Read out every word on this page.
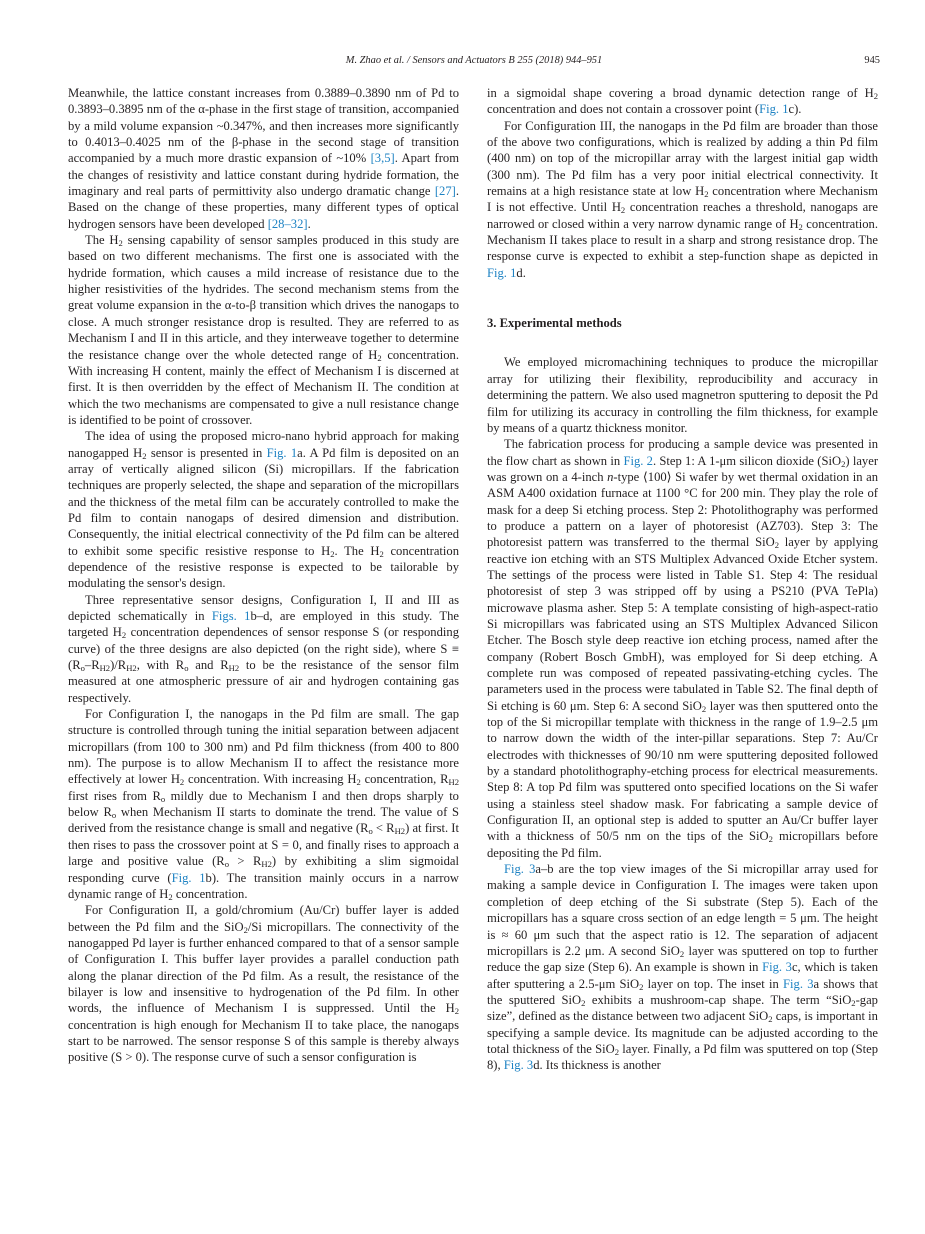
M. Zhao et al. / Sensors and Actuators B 255 (2018) 944–951	945

Meanwhile, the lattice constant increases from 0.3889–0.3890 nm of Pd to 0.3893–0.3895 nm of the α-phase in the first stage of transition, accompanied by a mild volume expansion ~0.347%, and then increases more significantly to 0.4013–0.4025 nm of the β-phase in the second stage of transition accompanied by a much more drastic expansion of ~10% [3,5]. Apart from the changes of resistivity and lattice constant during hydride formation, the imaginary and real parts of permittivity also undergo dramatic change [27]. Based on the change of these properties, many different types of optical hydrogen sensors have been developed [28–32].

The $H_2$ sensing capability of sensor samples produced in this study are based on two different mechanisms. The first one is associated with the hydride formation, which causes a mild increase of resistance due to the higher resistivities of the hydrides. The second mechanism stems from the great volume expansion in the α-to-β transition which drives the nanogaps to close. A much stronger resistance drop is resulted. They are referred to as Mechanism I and II in this article, and they interweave together to determine the resistance change over the whole detected range of $H_2$ concentration. With increasing H content, mainly the effect of Mechanism I is discerned at first. It is then overridden by the effect of Mechanism II. The condition at which the two mechanisms are compensated to give a null resistance change is identified to be point of crossover.

The idea of using the proposed micro-nano hybrid approach for making nanogapped $H_2$ sensor is presented in Fig. 1a. A Pd film is deposited on an array of vertically aligned silicon (Si) micropillars. If the fabrication techniques are properly selected, the shape and separation of the micropillars and the thickness of the metal film can be accurately controlled to make the Pd film to contain nanogaps of desired dimension and distribution. Consequently, the initial electrical connectivity of the Pd film can be altered to exhibit some specific resistive response to $H_2$. The $H_2$ concentration dependence of the resistive response is expected to be tailorable by modulating the sensor's design.

Three representative sensor designs, Configuration I, II and III as depicted schematically in Figs. 1b–d, are employed in this study. The targeted $H_2$ concentration dependences of sensor response S (or responding curve) of the three designs are also depicted (on the right side), where $S \equiv (R_o-R_{H2})/R_{H2}$, with $R_o$ and $R_{H2}$ to be the resistance of the sensor film measured at one atmospheric pressure of air and hydrogen containing gas respectively.

For Configuration I, the nanogaps in the Pd film are small. The gap structure is controlled through tuning the initial separation between adjacent micropillars (from 100 to 300 nm) and Pd film thickness (from 400 to 800 nm). The purpose is to allow Mechanism II to affect the resistance more effectively at lower $H_2$ concentration. With increasing $H_2$ concentration, $R_{H2}$ first rises from $R_o$ mildly due to Mechanism I and then drops sharply to below $R_o$ when Mechanism II starts to dominate the trend. The value of S derived from the resistance change is small and negative $(R_o < R_{H2})$ at first. It then rises to pass the crossover point at S = 0, and finally rises to approach a large and positive value $(R_o > R_{H2})$ by exhibiting a slim sigmoidal responding curve (Fig. 1b). The transition mainly occurs in a narrow dynamic range of $H_2$ concentration.

For Configuration II, a gold/chromium (Au/Cr) buffer layer is added between the Pd film and the SiO$_2$/Si micropillars. The connectivity of the nanogapped Pd layer is further enhanced compared to that of a sensor sample of Configuration I. This buffer layer provides a parallel conduction path along the planar direction of the Pd film. As a result, the resistance of the bilayer is low and insensitive to hydrogenation of the Pd film. In other words, the influence of Mechanism I is suppressed. Until the $H_2$ concentration is high enough for Mechanism II to take place, the nanogaps start to be narrowed. The sensor response S of this sample is thereby always positive (S > 0). The response curve of such a sensor configuration is

in a sigmoidal shape covering a broad dynamic detection range of $H_2$ concentration and does not contain a crossover point (Fig. 1c).

For Configuration III, the nanogaps in the Pd film are broader than those of the above two configurations, which is realized by adding a thin Pd film (400 nm) on top of the micropillar array with the largest initial gap width (300 nm). The Pd film has a very poor initial electrical connectivity. It remains at a high resistance state at low $H_2$ concentration where Mechanism I is not effective. Until $H_2$ concentration reaches a threshold, nanogaps are narrowed or closed within a very narrow dynamic range of $H_2$ concentration. Mechanism II takes place to result in a sharp and strong resistance drop. The response curve is expected to exhibit a step-function shape as depicted in Fig. 1d.

3. Experimental methods

We employed micromachining techniques to produce the micropillar array for utilizing their flexibility, reproducibility and accuracy in determining the pattern. We also used magnetron sputtering to deposit the Pd film for utilizing its accuracy in controlling the film thickness, for example by means of a quartz thickness monitor.

The fabrication process for producing a sample device was presented in the flow chart as shown in Fig. 2. Step 1: A 1-μm silicon dioxide (SiO$_2$) layer was grown on a 4-inch n-type ⟨100⟩ Si wafer by wet thermal oxidation in an ASM A400 oxidation furnace at 1100 °C for 200 min. They play the role of mask for a deep Si etching process. Step 2: Photolithography was performed to produce a pattern on a layer of photoresist (AZ703). Step 3: The photoresist pattern was transferred to the thermal SiO$_2$ layer by applying reactive ion etching with an STS Multiplex Advanced Oxide Etcher system. The settings of the process were listed in Table S1. Step 4: The residual photoresist of step 3 was stripped off by using a PS210 (PVA TePla) microwave plasma asher. Step 5: A template consisting of high-aspect-ratio Si micropillars was fabricated using an STS Multiplex Advanced Silicon Etcher. The Bosch style deep reactive ion etching process, named after the company (Robert Bosch GmbH), was employed for Si deep etching. A complete run was composed of repeated passivating-etching cycles. The parameters used in the process were tabulated in Table S2. The final depth of Si etching is 60 μm. Step 6: A second SiO$_2$ layer was then sputtered onto the top of the Si micropillar template with thickness in the range of 1.9–2.5 μm to narrow down the width of the inter-pillar separations. Step 7: Au/Cr electrodes with thicknesses of 90/10 nm were sputtering deposited followed by a standard photolithography-etching process for electrical measurements. Step 8: A top Pd film was sputtered onto specified locations on the Si wafer using a stainless steel shadow mask. For fabricating a sample device of Configuration II, an optional step is added to sputter an Au/Cr buffer layer with a thickness of 50/5 nm on the tips of the SiO$_2$ micropillars before depositing the Pd film.

Fig. 3a–b are the top view images of the Si micropillar array used for making a sample device in Configuration I. The images were taken upon completion of deep etching of the Si substrate (Step 5). Each of the micropillars has a square cross section of an edge length = 5 μm. The height is ≈ 60 μm such that the aspect ratio is 12. The separation of adjacent micropillars is 2.2 μm. A second SiO$_2$ layer was sputtered on top to further reduce the gap size (Step 6). An example is shown in Fig. 3c, which is taken after sputtering a 2.5-μm SiO$_2$ layer on top. The inset in Fig. 3a shows that the sputtered SiO$_2$ exhibits a mushroom-cap shape. The term “SiO$_2$-gap size”, defined as the distance between two adjacent SiO$_2$ caps, is important in specifying a sample device. Its magnitude can be adjusted according to the total thickness of the SiO$_2$ layer. Finally, a Pd film was sputtered on top (Step 8), Fig. 3d. Its thickness is another
